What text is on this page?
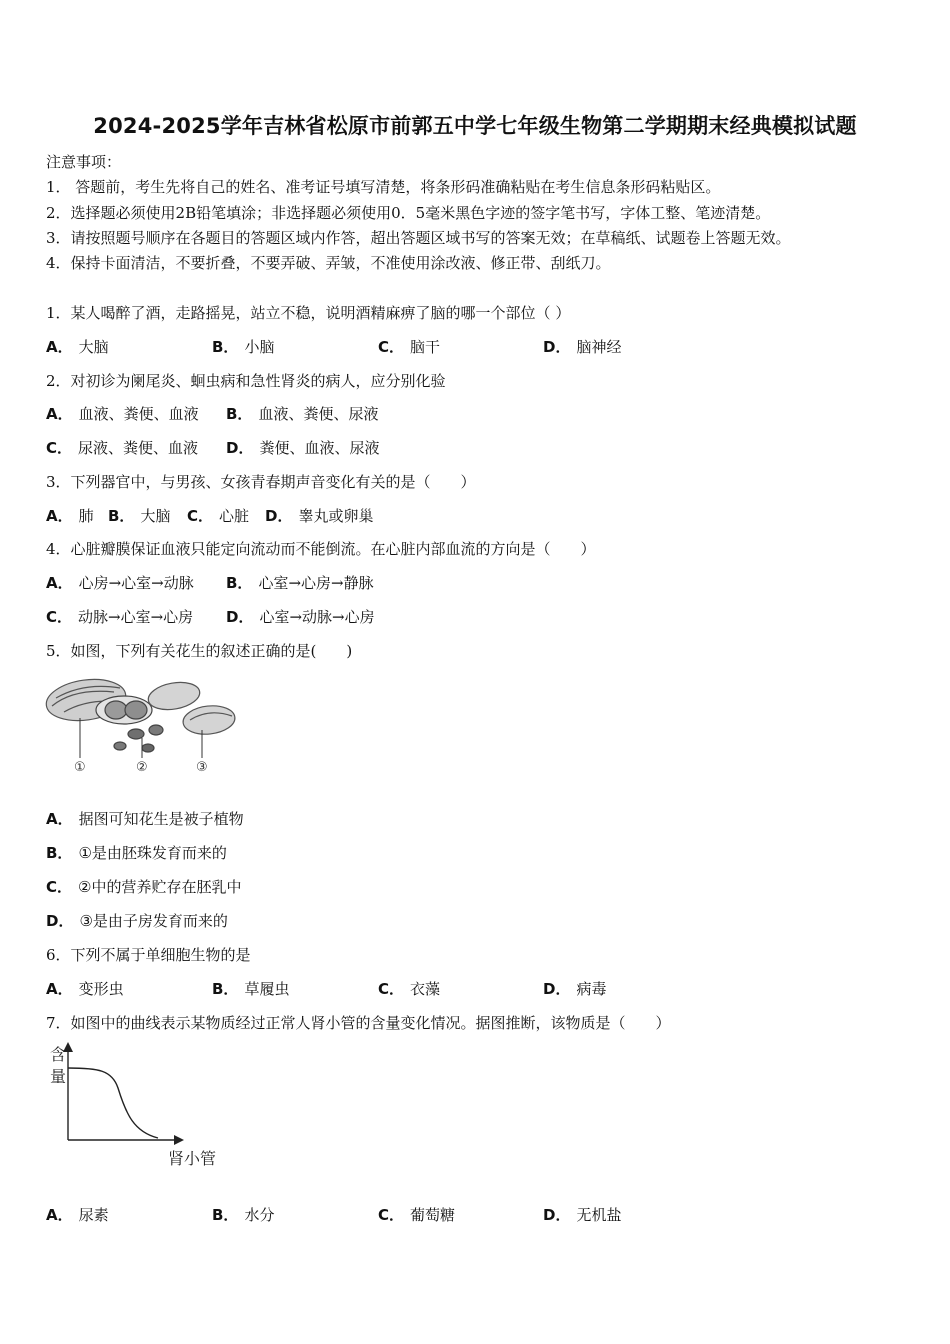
2024-2025学年吉林省松原市前郭五中学七年级生物第二学期期末经典模拟试题
注意事项：
1． 答题前，考生先将自己的姓名、准考证号填写清楚，将条形码准确粘贴在考生信息条形码粘贴区。
2．选择题必须使用2B铅笔填涂；非选择题必须使用0．5毫米黑色字迹的签字笔书写，字体工整、笔迹清楚。
3．请按照题号顺序在各题目的答题区域内作答，超出答题区域书写的答案无效；在草稿纸、试题卷上答题无效。
4．保持卡面清洁，不要折叠，不要弄破、弄皱，不准使用涂改液、修正带、刮纸刀。
1．某人喝醉了酒，走路摇晃，站立不稳，说明酒精麻痹了脑的哪一个部位（ ）
A． 大脑	B． 小脑	C． 脑干	D． 脑神经
2．对初诊为阑尾炎、蛔虫病和急性肾炎的病人，应分别化验
A． 血液、粪便、血液 B． 血液、粪便、尿液
C． 尿液、粪便、血液 D． 粪便、血液、尿液
3．下列器官中，与男孩、女孩青春期声音变化有关的是（　　）
A． 肺 B． 大脑 C． 心脏 D． 睾丸或卵巢
4．心脏瓣膜保证血液只能定向流动而不能倒流。在心脏内部血流的方向是（　　）
A． 心房→心室→动脉 B． 心室→心房→静脉
C． 动脉→心室→心房 D． 心室→动脉→心房
5．如图，下列有关花生的叙述正确的是(　　)
①	②	③
A． 据图可知花生是被子植物
B． ①是由胚珠发育而来的
C． ②中的营养贮存在胚乳中
D． ③是由子房发育而来的
6．下列不属于单细胞生物的是
A． 变形虫	B． 草履虫	C． 衣藻	D． 病毒
7．如图中的曲线表示某物质经过正常人肾小管的含量变化情况。据图推断，该物质是（　　）
含
量
肾小管
A． 尿素	B． 水分	C． 葡萄糖	D． 无机盐
